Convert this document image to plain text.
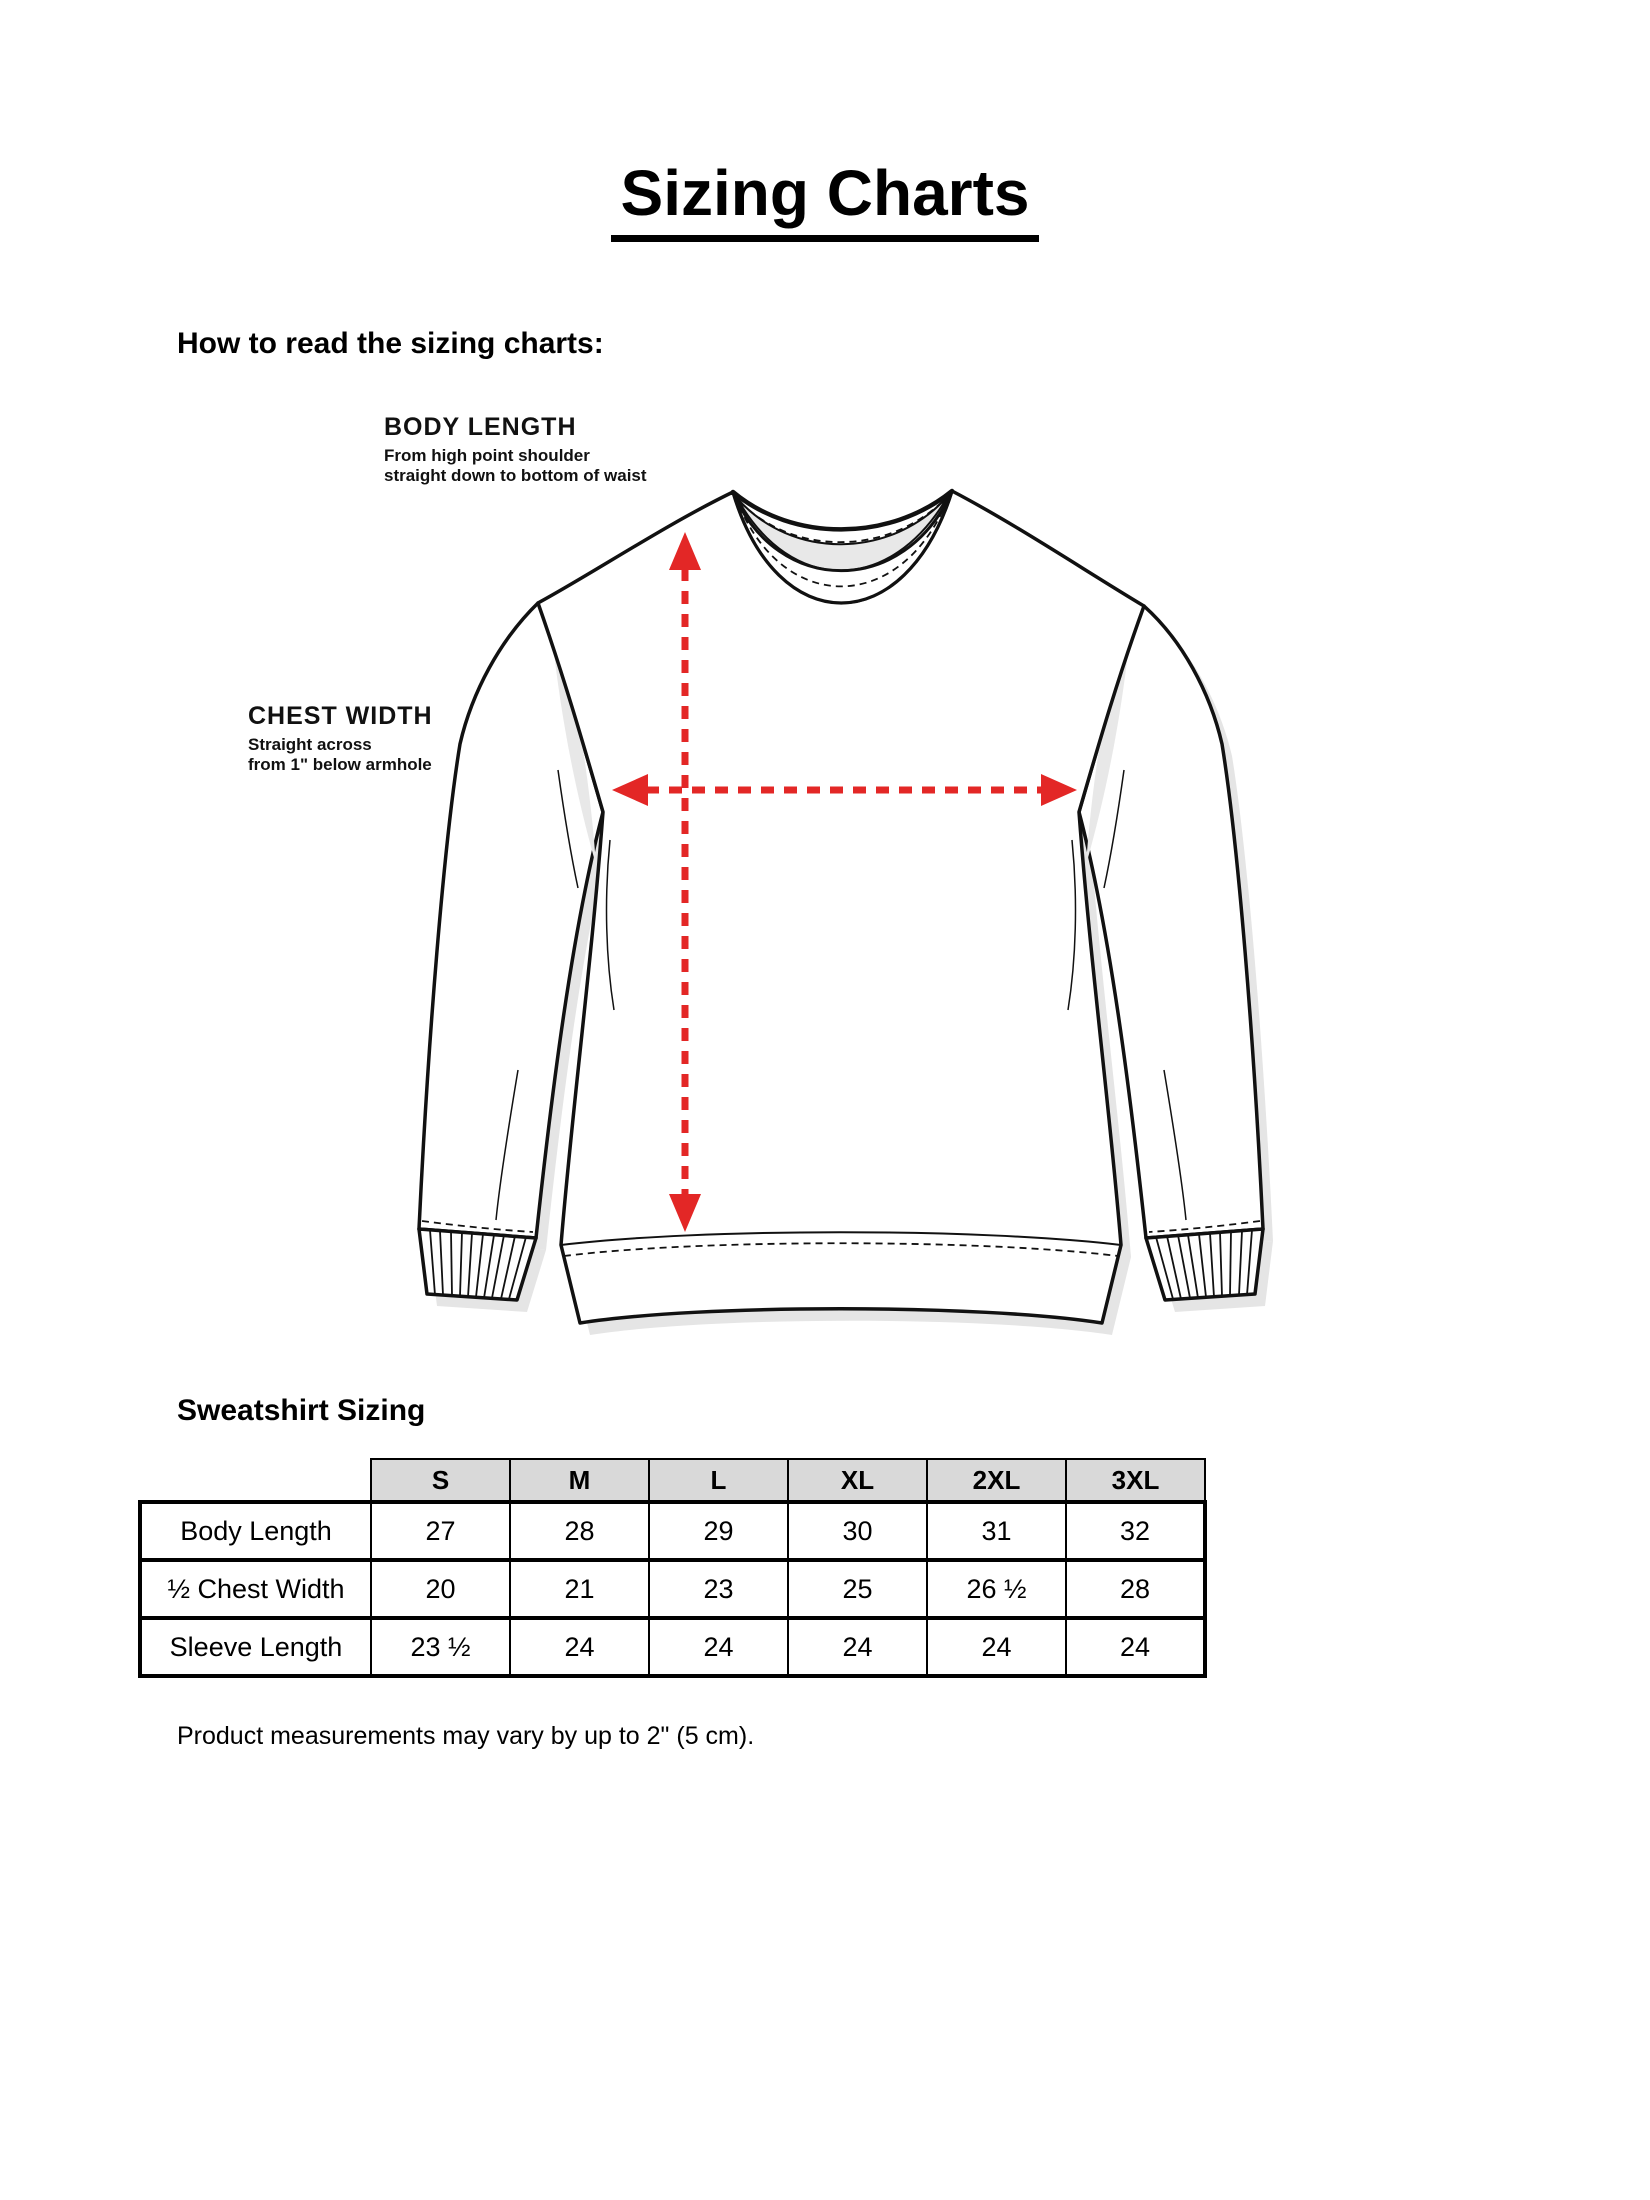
Sizing Charts
How to read the sizing charts:
BODY LENGTH
From high point shoulder
straight down to bottom of waist
CHEST WIDTH
Straight across
from 1" below armhole
Sweatshirt Sizing
	S	M	L	XL	2XL	3XL
Body Length	27	28	29	30	31	32
½ Chest Width	20	21	23	25	26 ½	28
Sleeve Length	23 ½	24	24	24	24	24
Product measurements may vary by up to 2" (5 cm).
